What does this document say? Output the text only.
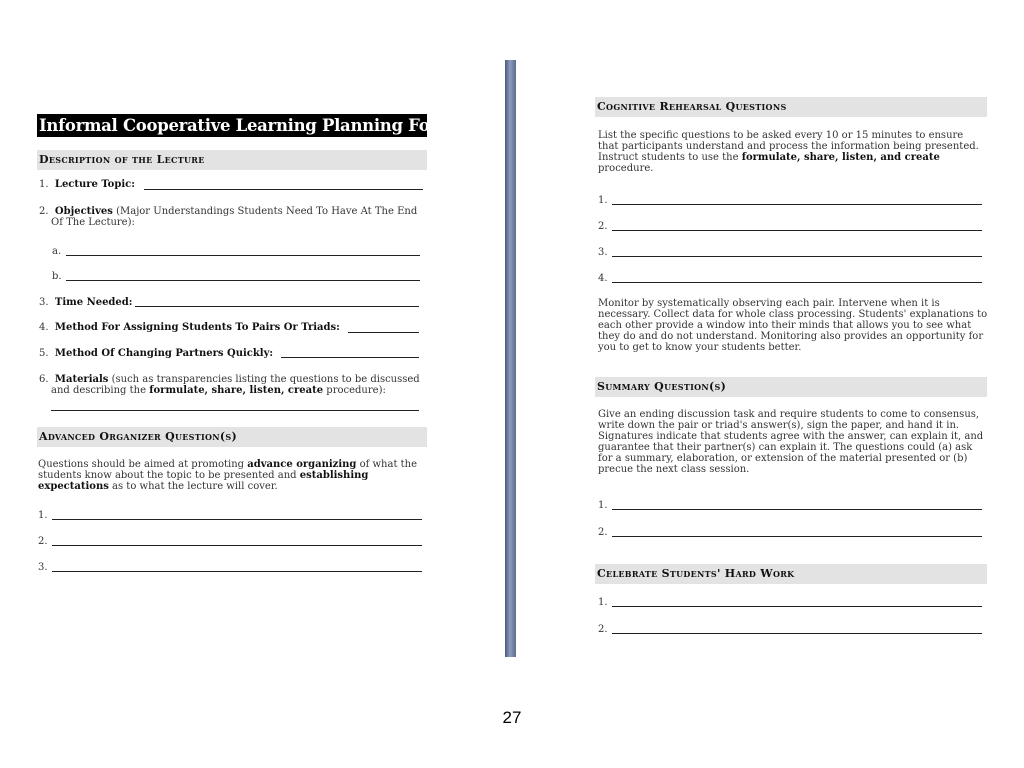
Informal Cooperative Learning Planning Form
Description of the Lecture
1. Lecture Topic:
2. Objectives (Major Understandings Students Need To Have At The End
Of The Lecture):
a.
b.
3. Time Needed:
4. Method For Assigning Students To Pairs Or Triads:
5. Method Of Changing Partners Quickly:
6. Materials (such as transparencies listing the questions to be discussed
and describing the formulate, share, listen, create procedure):
Advanced Organizer Question(s)
Questions should be aimed at promoting advance organizing of what the students know about the topic to be presented and establishing expectations as to what the lecture will cover.
1.
2.
3.
Cognitive Rehearsal Questions
List the specific questions to be asked every 10 or 15 minutes to ensure that participants understand and process the information being presented. Instruct students to use the formulate, share, listen, and create procedure.
1.
2.
3.
4.
Monitor by systematically observing each pair. Intervene when it is necessary. Collect data for whole class processing. Students' explanations to each other provide a window into their minds that allows you to see what they do and do not understand. Monitoring also provides an opportunity for you to get to know your students better.
Summary Question(s)
Give an ending discussion task and require students to come to consensus, write down the pair or triad's answer(s), sign the paper, and hand it in. Signatures indicate that students agree with the answer, can explain it, and guarantee that their partner(s) can explain it. The questions could (a) ask for a summary, elaboration, or extension of the material presented or (b) precue the next class session.
1.
2.
Celebrate Students' Hard Work
1.
2.
27
